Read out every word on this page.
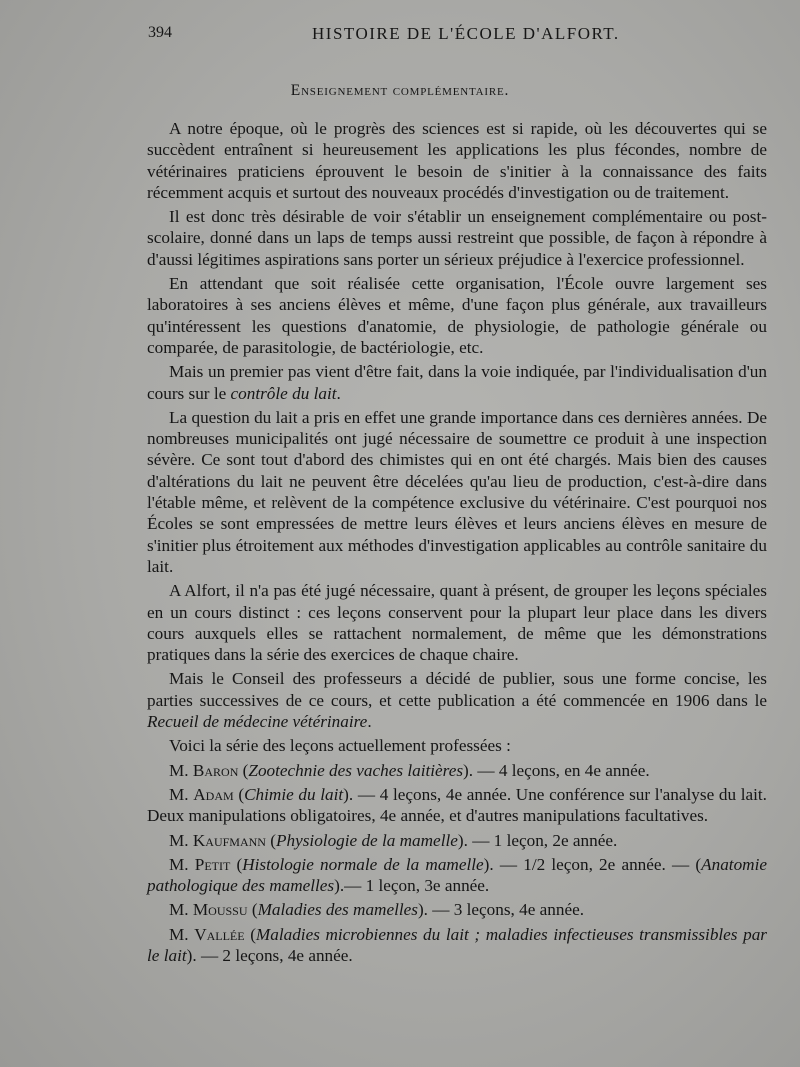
394	HISTOIRE DE L'ÉCOLE D'ALFORT.
Enseignement complémentaire.

A notre époque, où le progrès des sciences est si rapide, où les découvertes qui se succèdent entraînent si heureusement les applications les plus fécondes, nombre de vétérinaires praticiens éprouvent le besoin de s'initier à la connaissance des faits récemment acquis et surtout des nouveaux procédés d'investigation ou de traitement.

Il est donc très désirable de voir s'établir un enseignement complémentaire ou post-scolaire, donné dans un laps de temps aussi restreint que possible, de façon à répondre à d'aussi légitimes aspirations sans porter un sérieux préjudice à l'exercice professionnel.

En attendant que soit réalisée cette organisation, l'École ouvre largement ses laboratoires à ses anciens élèves et même, d'une façon plus générale, aux travailleurs qu'intéressent les questions d'anatomie, de physiologie, de pathologie générale ou comparée, de parasitologie, de bactériologie, etc.

Mais un premier pas vient d'être fait, dans la voie indiquée, par l'individualisation d'un cours sur le contrôle du lait.

La question du lait a pris en effet une grande importance dans ces dernières années. De nombreuses municipalités ont jugé nécessaire de soumettre ce produit à une inspection sévère. Ce sont tout d'abord des chimistes qui en ont été chargés. Mais bien des causes d'altérations du lait ne peuvent être décelées qu'au lieu de production, c'est-à-dire dans l'étable même, et relèvent de la compétence exclusive du vétérinaire. C'est pourquoi nos Écoles se sont empressées de mettre leurs élèves et leurs anciens élèves en mesure de s'initier plus étroitement aux méthodes d'investigation applicables au contrôle sanitaire du lait.

A Alfort, il n'a pas été jugé nécessaire, quant à présent, de grouper les leçons spéciales en un cours distinct : ces leçons conservent pour la plupart leur place dans les divers cours auxquels elles se rattachent normalement, de même que les démonstrations pratiques dans la série des exercices de chaque chaire.

Mais le Conseil des professeurs a décidé de publier, sous une forme concise, les parties successives de ce cours, et cette publication a été commencée en 1906 dans le Recueil de médecine vétérinaire.

Voici la série des leçons actuellement professées :

M. Baron (Zootechnie des vaches laitières). — 4 leçons, en 4e année.

M. Adam (Chimie du lait). — 4 leçons, 4e année. Une conférence sur l'analyse du lait. Deux manipulations obligatoires, 4e année, et d'autres manipulations facultatives.

M. Kaufmann (Physiologie de la mamelle). — 1 leçon, 2e année.

M. Petit (Histologie normale de la mamelle). — 1/2 leçon, 2e année. — (Anatomie pathologique des mamelles).— 1 leçon, 3e année.

M. Moussu (Maladies des mamelles). — 3 leçons, 4e année.

M. Vallée (Maladies microbiennes du lait ; maladies infectieuses transmissibles par le lait). — 2 leçons, 4e année.
